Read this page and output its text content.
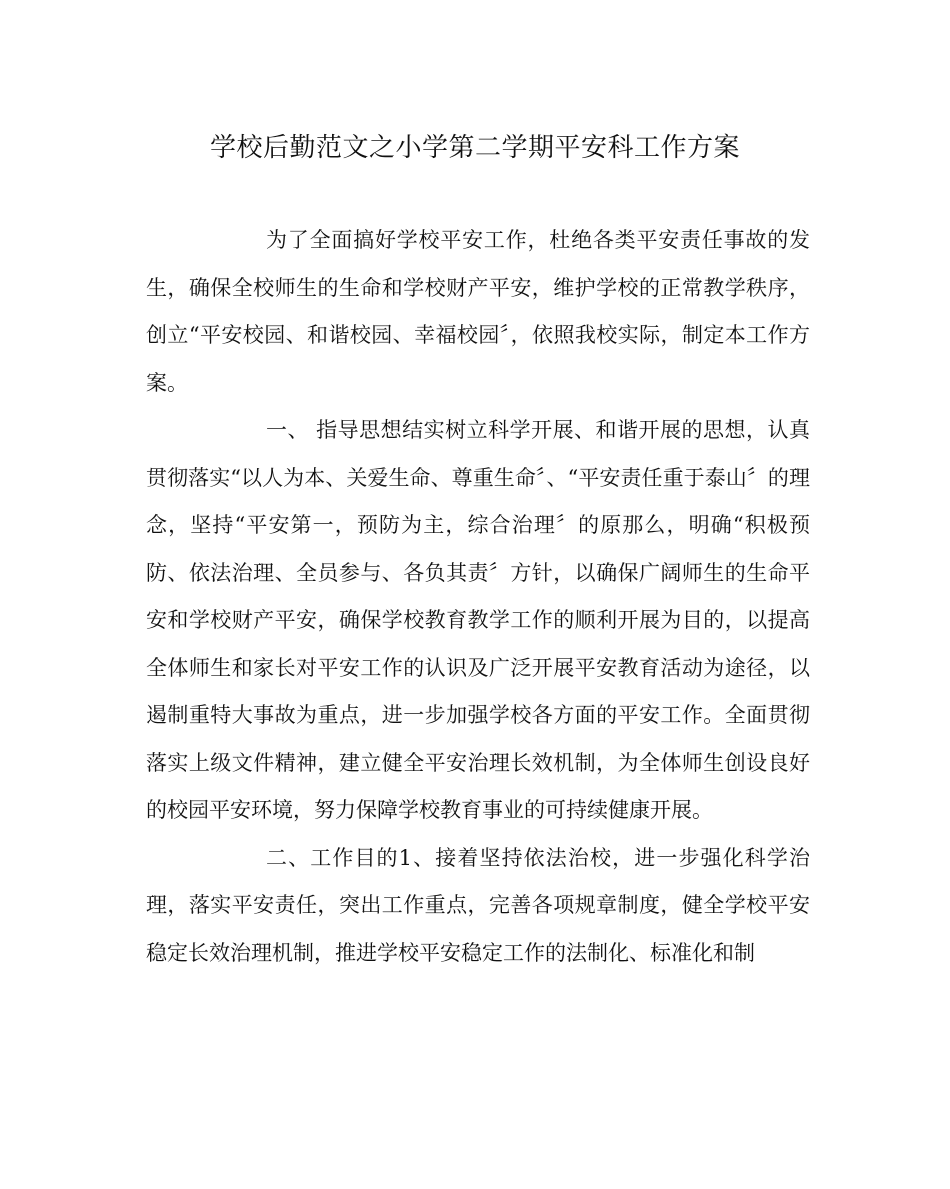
学校后勤范文之小学第二学期平安科工作方案

为了全面搞好学校平安工作，杜绝各类平安责任事故的发生，确保全校师生的生命和学校财产平安，维护学校的正常教学秩序，创立“平安校园、和谐校园、幸福校园〞，依照我校实际，制定本工作方案。

一、 指导思想结实树立科学开展、和谐开展的思想，认真贯彻落实“以人为本、关爱生命、尊重生命〞、“平安责任重于泰山〞的理念，坚持“平安第一，预防为主，综合治理〞的原那么，明确“积极预防、依法治理、全员参与、各负其责〞方针，以确保广阔师生的生命平安和学校财产平安，确保学校教育教学工作的顺利开展为目的，以提高全体师生和家长对平安工作的认识及广泛开展平安教育活动为途径，以遏制重特大事故为重点，进一步加强学校各方面的平安工作。全面贯彻落实上级文件精神，建立健全平安治理长效机制，为全体师生创设良好的校园平安环境，努力保障学校教育事业的可持续健康开展。

二、工作目的1、接着坚持依法治校，进一步强化科学治理，落实平安责任，突出工作重点，完善各项规章制度，健全学校平安稳定长效治理机制，推进学校平安稳定工作的法制化、标准化和制
